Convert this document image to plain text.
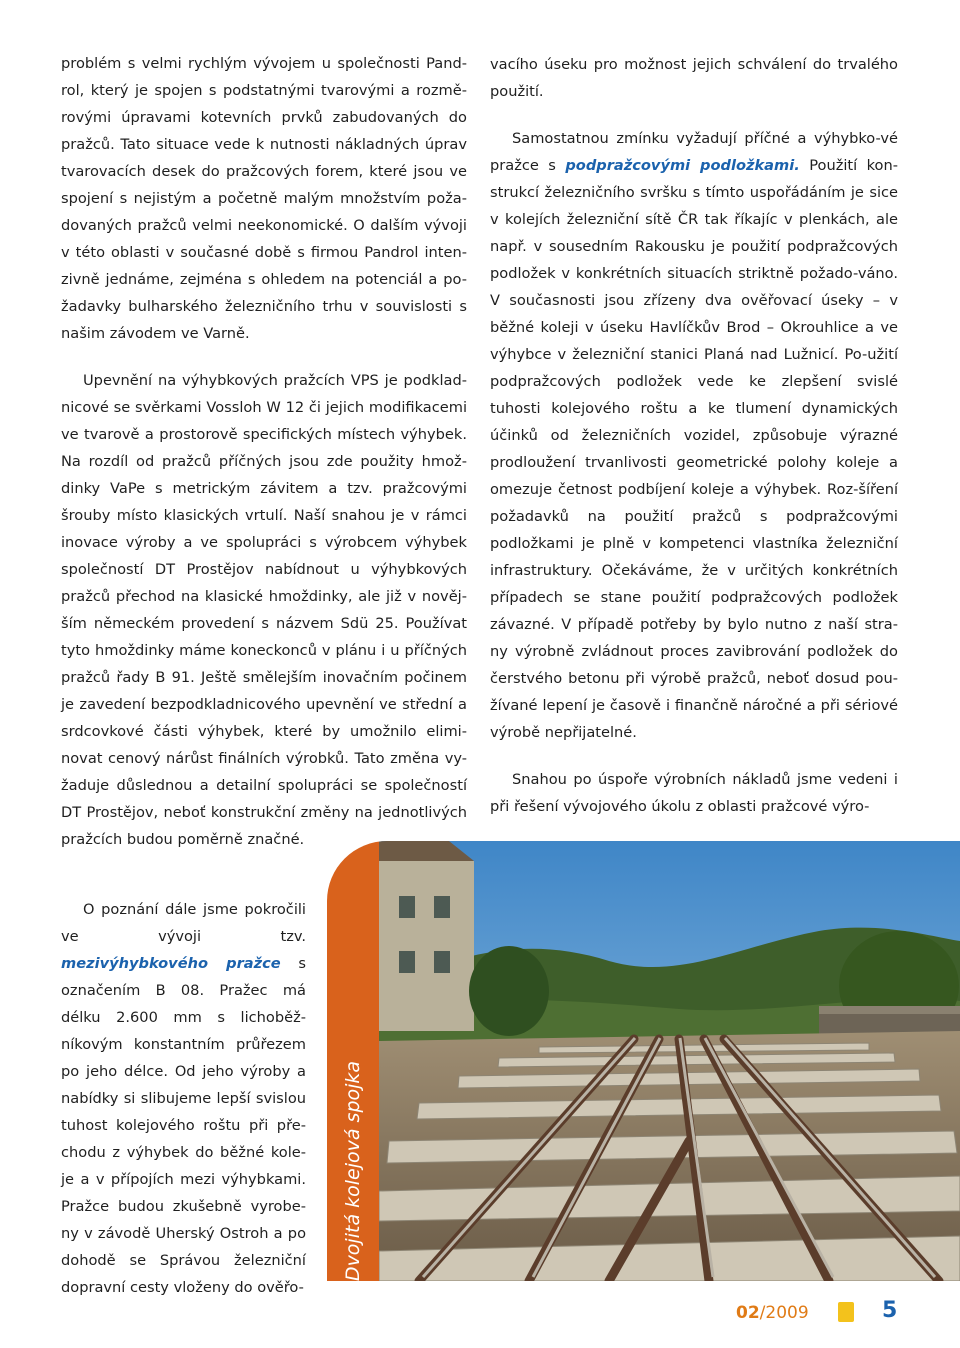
problém s velmi rychlým vývojem u společnosti Pand-rol, který je spojen s podstatnými tvarovými a rozmě-rovými úpravami kotevních prvků zabudovaných do pražců. Tato situace vede k nutnosti nákladných úprav tvarovacích desek do pražcových forem, které jsou ve spojení s nejistým a početně malým množstvím poža-dovaných pražců velmi neekonomické. O dalším vývoji v této oblasti v současné době s firmou Pandrol inten-zivně jednáme, zejména s ohledem na potenciál a po-žadavky bulharského železničního trhu v souvislosti s našim závodem ve Varně.

Upevnění na výhybkových pražcích VPS je podklad-nicové se svěrkami Vossloh W 12 či jejich modifikacemi ve tvarově a prostorově specifických místech výhybek. Na rozdíl od pražců příčných jsou zde použity hmož-dinky VaPe s metrickým závitem a tzv. pražcovými šrouby místo klasických vrtulí. Naší snahou je v rámci inovace výroby a ve spolupráci s výrobcem výhybek společností DT Prostějov nabídnout u výhybkových pražců přechod na klasické hmoždinky, ale již v nověj-ším německém provedení s názvem Sdü 25. Používat tyto hmoždinky máme koneckonců v plánu i u příčných pražců řady B 91. Ještě smělejším inovačním počinem je zavedení bezpodkladnicového upevnění ve střední a srdcovkové části výhybek, které by umožnilo elimi-novat cenový nárůst finálních výrobků. Tato změna vy-žaduje důslednou a detailní spolupráci se společností DT Prostějov, neboť konstrukční změny na jednotlivých pražcích budou poměrně značné.

O poznání dále jsme pokročili ve vývoji tzv. mezivýhybkového pražce s označením B 08. Pražec má délku 2.600 mm s lichoběž-níkovým konstantním průřezem po jeho délce. Od jeho výroby a nabídky si slibujeme lepší svislou tuhost kolejového roštu při pře-chodu z výhybek do běžné kole-je a v přípojích mezi výhybkami. Pražce budou zkušebně vyrobe-ny v závodě Uherský Ostroh a po dohodě se Správou železniční dopravní cesty vloženy do ověřo-

vacího úseku pro možnost jejich schválení do trvalého použití.

Samostatnou zmínku vyžadují příčné a výhybko-vé pražce s podpražcovými podložkami. Použití kon-strukcí železničního svršku s tímto uspořádáním je sice v kolejích železniční sítě ČR tak říkajíc v plenkách, ale např. v sousedním Rakousku je použití podpražcových podložek v konkrétních situacích striktně požado-váno. V současnosti jsou zřízeny dva ověřovací úseky – v běžné koleji v úseku Havlíčkův Brod – Okrouhlice a ve výhybce v železniční stanici Planá nad Lužnicí. Po-užití podpražcových podložek vede ke zlepšení svislé tuhosti kolejového roštu a ke tlumení dynamických účinků od železničních vozidel, způsobuje výrazné prodloužení trvanlivosti geometrické polohy koleje a omezuje četnost podbíjení koleje a výhybek. Roz-šíření požadavků na použití pražců s podpražcovými podložkami je plně v kompetenci vlastníka železniční infrastruktury. Očekáváme, že v určitých konkrétních případech se stane použití podpražcových podložek závazné. V případě potřeby by bylo nutno z naší stra-ny výrobně zvládnout proces zavibrování podložek do čerstvého betonu při výrobě pražců, neboť dosud pou-žívané lepení je časově i finančně náročné a při sériové výrobě nepřijatelné.

Snahou po úspoře výrobních nákladů jsme vedeni i při řešení vývojového úkolu z oblasti pražcové výro-

Dvojitá kolejová spojka
02/2009	5
